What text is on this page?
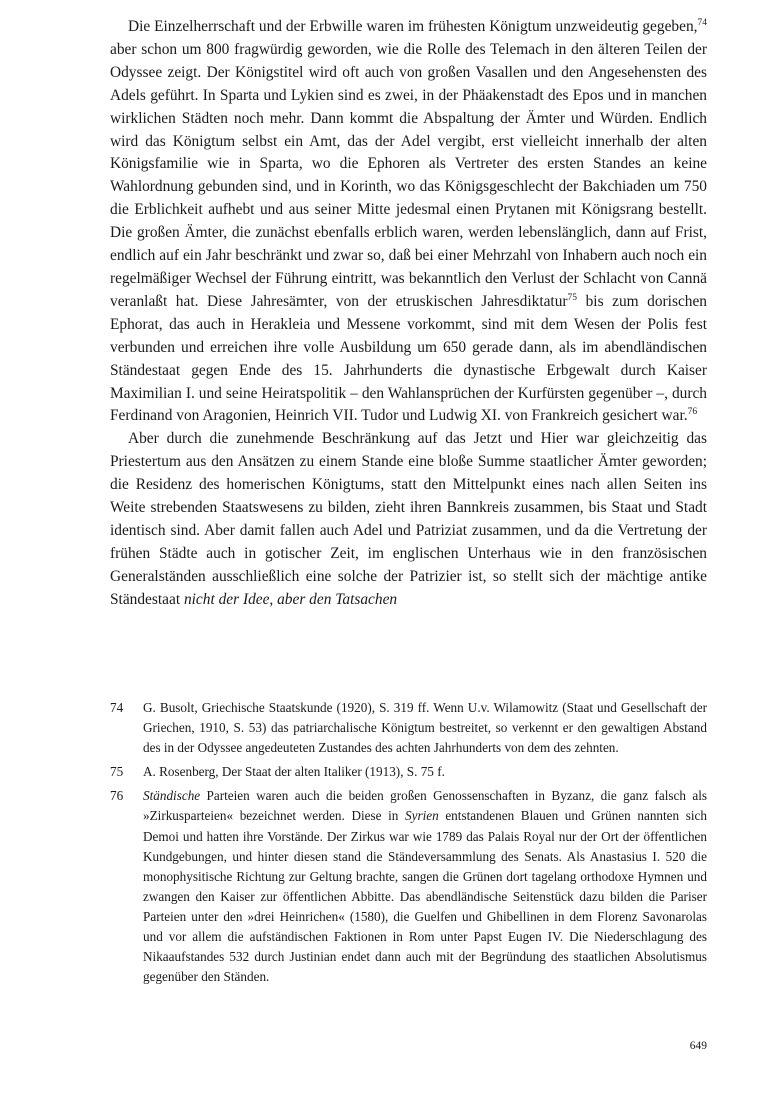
Die Einzelherrschaft und der Erbwille waren im frühesten Königtum unzweideutig gegeben,$^{74}$ aber schon um 800 fragwürdig geworden, wie die Rolle des Telemach in den älteren Teilen der Odyssee zeigt. Der Königstitel wird oft auch von großen Vasallen und den Angesehensten des Adels geführt. In Sparta und Lykien sind es zwei, in der Phäakenstadt des Epos und in manchen wirklichen Städten noch mehr. Dann kommt die Abspaltung der Ämter und Würden. Endlich wird das Königtum selbst ein Amt, das der Adel vergibt, erst vielleicht innerhalb der alten Königsfamilie wie in Sparta, wo die Ephoren als Vertreter des ersten Standes an keine Wahlordnung gebunden sind, und in Korinth, wo das Königsgeschlecht der Bakchiaden um 750 die Erblichkeit aufhebt und aus seiner Mitte jedesmal einen Prytanen mit Königsrang bestellt. Die großen Ämter, die zunächst ebenfalls erblich waren, werden lebenslänglich, dann auf Frist, endlich auf ein Jahr beschränkt und zwar so, daß bei einer Mehrzahl von Inhabern auch noch ein regelmäßiger Wechsel der Führung eintritt, was bekanntlich den Verlust der Schlacht von Cannä veranlaßt hat. Diese Jahresämter, von der etruskischen Jahresdiktatur$^{75}$ bis zum dorischen Ephorat, das auch in Herakleia und Messene vorkommt, sind mit dem Wesen der Polis fest verbunden und erreichen ihre volle Ausbildung um 650 gerade dann, als im abendländischen Ständestaat gegen Ende des 15. Jahrhunderts die dynastische Erbgewalt durch Kaiser Maximilian I. und seine Heiratspolitik – den Wahlansprüchen der Kurfürsten gegenüber –, durch Ferdinand von Aragonien, Heinrich VII. Tudor und Ludwig XI. von Frankreich gesichert war.$^{76}$

Aber durch die zunehmende Beschränkung auf das Jetzt und Hier war gleichzeitig das Priestertum aus den Ansätzen zu einem Stande eine bloße Summe staatlicher Ämter geworden; die Residenz des homerischen Königtums, statt den Mittelpunkt eines nach allen Seiten ins Weite strebenden Staatswesens zu bilden, zieht ihren Bannkreis zusammen, bis Staat und Stadt identisch sind. Aber damit fallen auch Adel und Patriziat zusammen, und da die Vertretung der frühen Städte auch in gotischer Zeit, im englischen Unterhaus wie in den französischen Generalständen ausschließlich eine solche der Patrizier ist, so stellt sich der mächtige antike Ständestaat nicht der Idee, aber den Tatsachen

74	G. Busolt, Griechische Staatskunde (1920), S. 319 ff. Wenn U.v. Wilamowitz (Staat und Gesellschaft der Griechen, 1910, S. 53) das patriarchalische Königtum bestreitet, so verkennt er den gewaltigen Abstand des in der Odyssee angedeuteten Zustandes des achten Jahrhunderts von dem des zehnten.
75	A. Rosenberg, Der Staat der alten Italiker (1913), S. 75 f.
76	Ständische Parteien waren auch die beiden großen Genossenschaften in Byzanz, die ganz falsch als »Zirkusparteien« bezeichnet werden. Diese in Syrien entstandenen Blauen und Grünen nannten sich Demoi und hatten ihre Vorstände. Der Zirkus war wie 1789 das Palais Royal nur der Ort der öffentlichen Kundgebungen, und hinter diesen stand die Ständeversammlung des Senats. Als Anastasius I. 520 die monophysitische Richtung zur Geltung brachte, sangen die Grünen dort tagelang orthodoxe Hymnen und zwangen den Kaiser zur öffentlichen Abbitte. Das abendländische Seitenstück dazu bilden die Pariser Parteien unter den »drei Heinrichen« (1580), die Guelfen und Ghibellinen in dem Florenz Savonarolas und vor allem die aufständischen Faktionen in Rom unter Papst Eugen IV. Die Niederschlagung des Nikaaufstandes 532 durch Justinian endet dann auch mit der Begründung des staatlichen Absolutismus gegenüber den Ständen.
649
